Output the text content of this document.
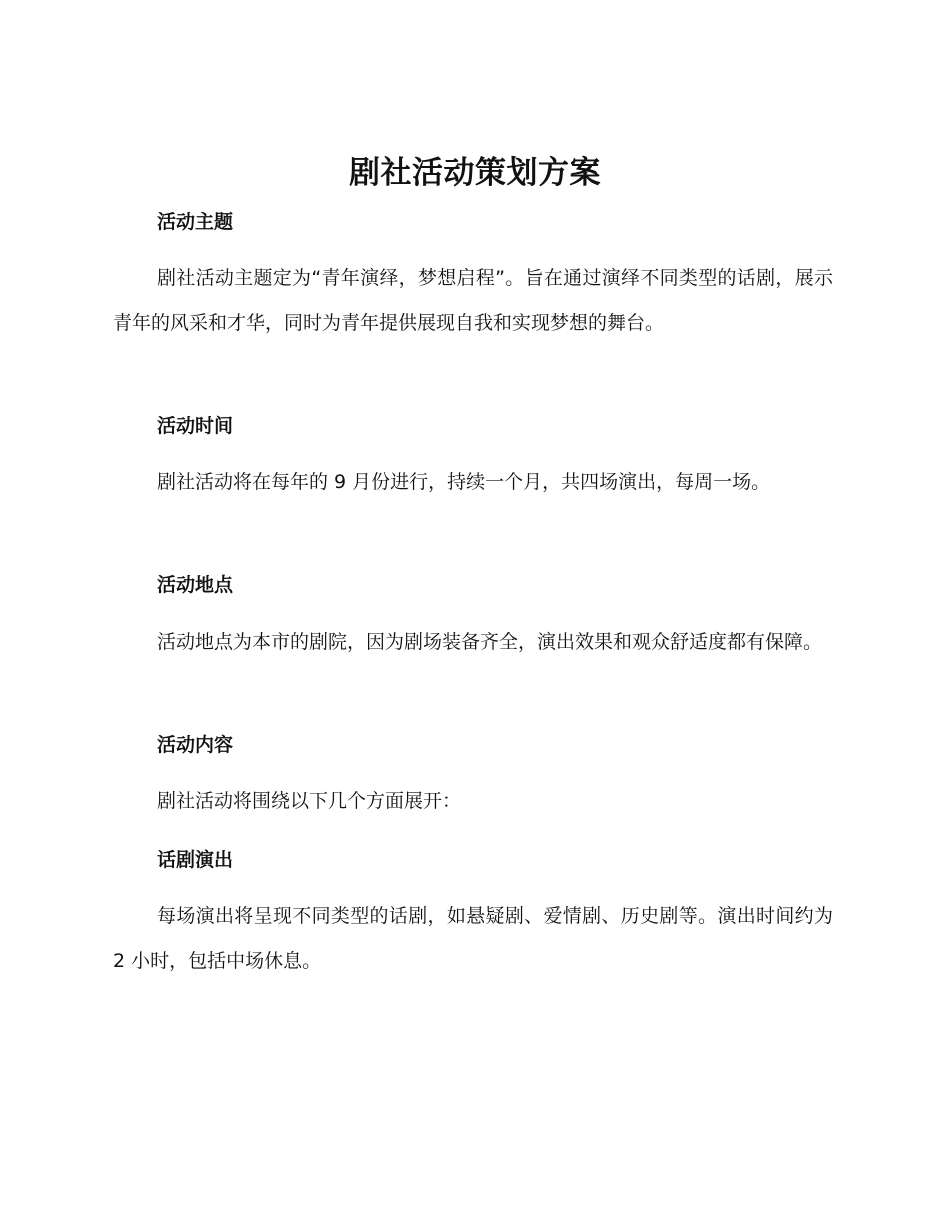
剧社活动策划方案
活动主题

剧社活动主题定为“青年演绎，梦想启程”。旨在通过演绎不同类型的话剧，展示青年的风采和才华，同时为青年提供展现自我和实现梦想的舞台。

活动时间

剧社活动将在每年的 9 月份进行，持续一个月，共四场演出，每周一场。

活动地点

活动地点为本市的剧院，因为剧场装备齐全，演出效果和观众舒适度都有保障。

活动内容

剧社活动将围绕以下几个方面展开：

话剧演出

每场演出将呈现不同类型的话剧，如悬疑剧、爱情剧、历史剧等。演出时间约为 2 小时，包括中场休息。
